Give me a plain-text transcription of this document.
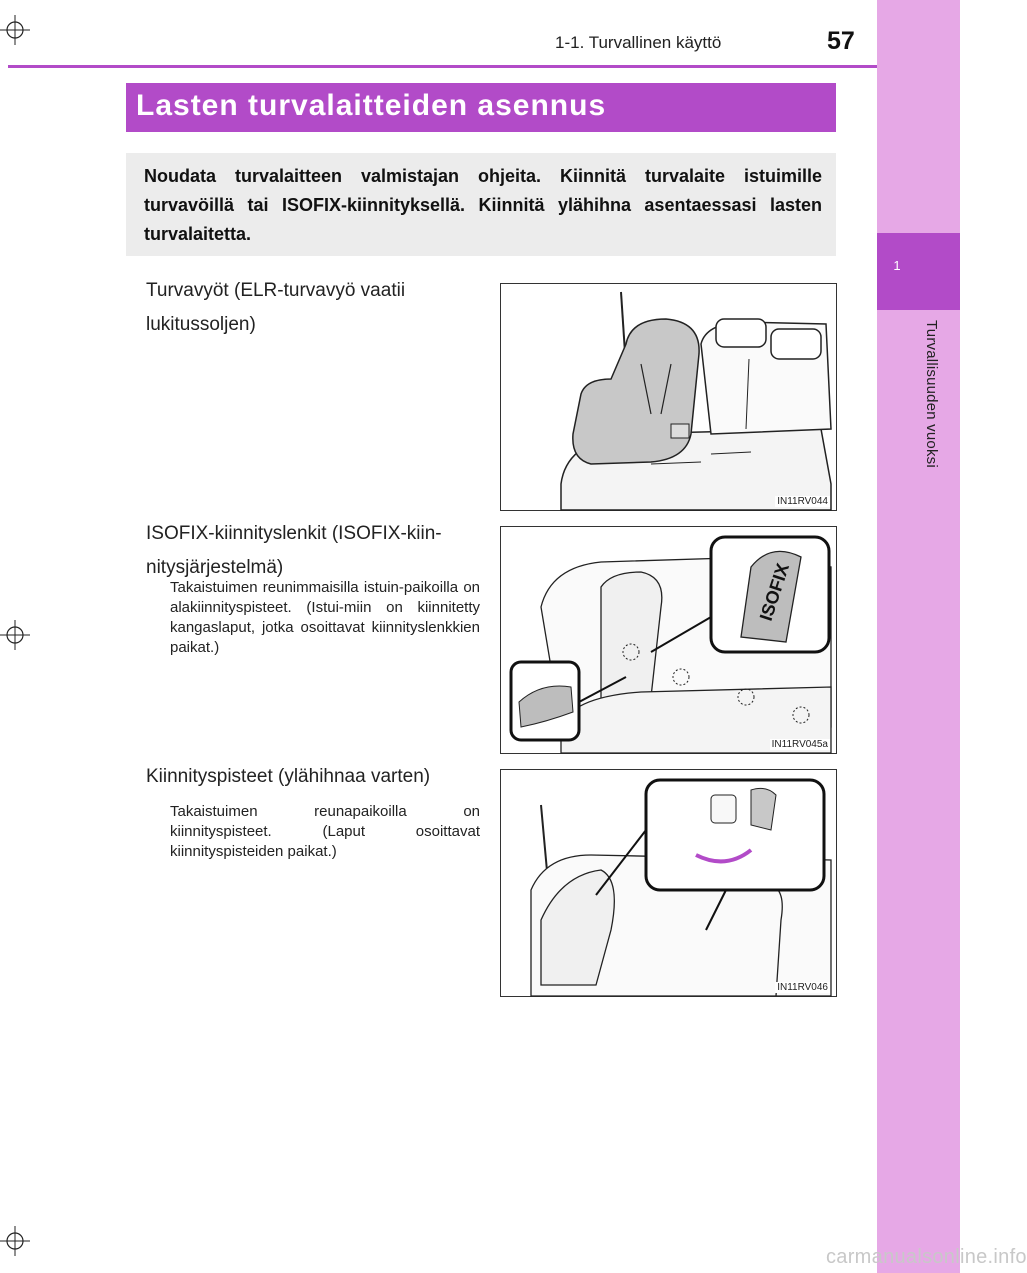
1
Turvallisuuden vuoksi
1-1. Turvallinen käyttö	57
Lasten turvalaitteiden asennus
Noudata turvalaitteen valmistajan ohjeita. Kiinnitä turvalaite istuimille turvavöillä tai ISOFIX-kiinnityksellä. Kiinnitä ylähihna asentaessasi lasten turvalaitetta.
Turvavyöt (ELR-turvavyö vaatii lukitussoljen)
IN11RV044
ISOFIX-kiinnityslenkit (ISOFIX-kiin-nitysjärjestelmä)
Takaistuimen reunimmaisilla istuin-paikoilla on alakiinnityspisteet. (Istui-miin on kiinnitetty kangaslaput, jotka osoittavat kiinnityslenkkien paikat.)
ISOFIX
IN11RV045a
Kiinnityspisteet (ylähihnaa varten)
Takaistuimen reunapaikoilla on kiinnityspisteet. (Laput osoittavat kiinnityspisteiden paikat.)
IN11RV046
carmanualsonline.info
